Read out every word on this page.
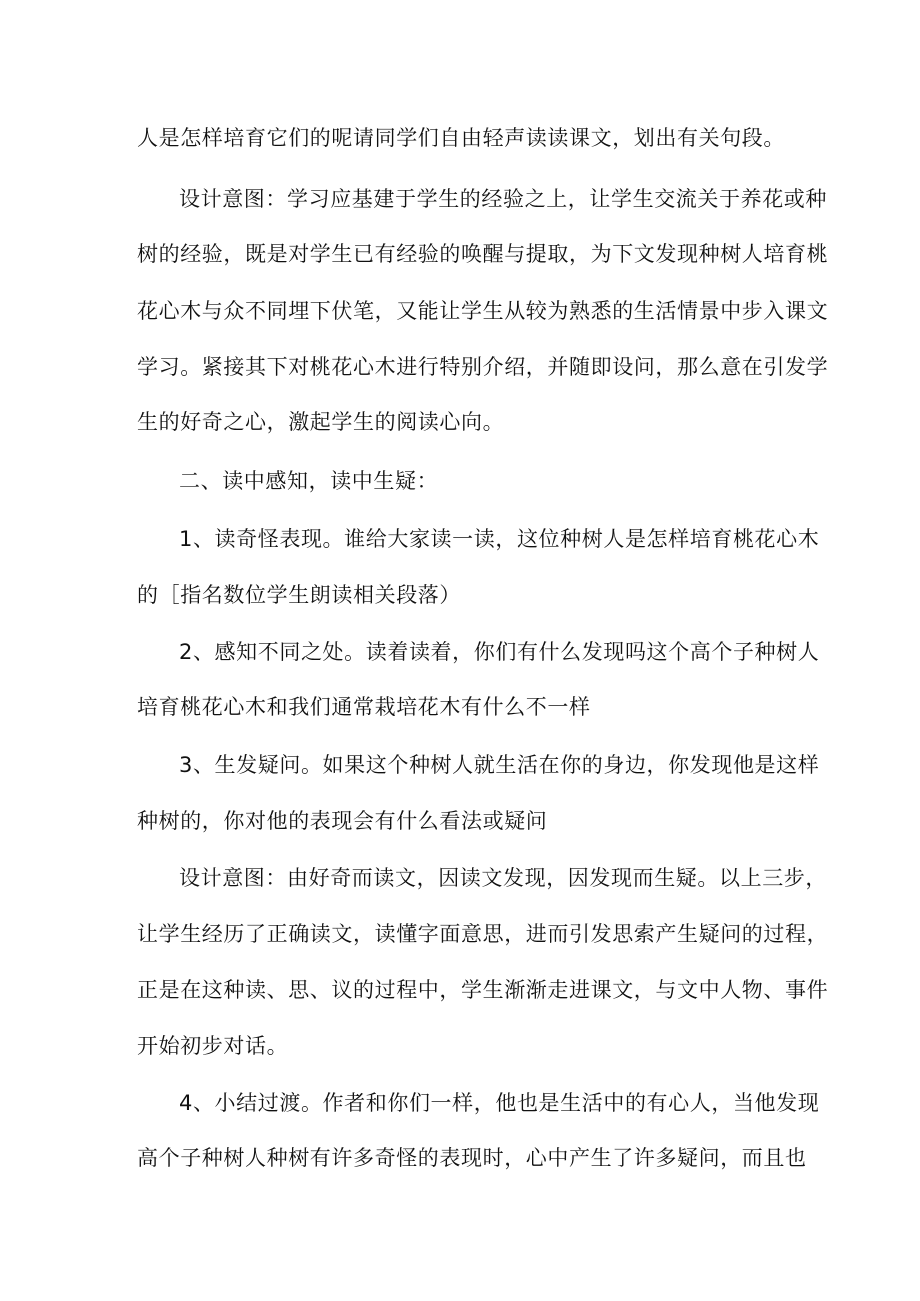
人是怎样培育它们的呢请同学们自由轻声读读课文，划出有关句段。
设计意图：学习应基建于学生的经验之上，让学生交流关于养花或种
树的经验，既是对学生已有经验的唤醒与提取，为下文发现种树人培育桃
花心木与众不同埋下伏笔，又能让学生从较为熟悉的生活情景中步入课文
学习。紧接其下对桃花心木进行特别介绍，并随即设问，那么意在引发学
生的好奇之心，激起学生的阅读心向。
二、读中感知，读中生疑：
1、读奇怪表现。谁给大家读一读，这位种树人是怎样培育桃花心木
的［指名数位学生朗读相关段落）
2、感知不同之处。读着读着，你们有什么发现吗这个高个子种树人
培育桃花心木和我们通常栽培花木有什么不一样
3、生发疑问。如果这个种树人就生活在你的身边，你发现他是这样
种树的，你对他的表现会有什么看法或疑问
设计意图：由好奇而读文，因读文发现，因发现而生疑。以上三步，
让学生经历了正确读文，读懂字面意思，进而引发思索产生疑问的过程，
正是在这种读、思、议的过程中，学生渐渐走进课文，与文中人物、事件
开始初步对话。
4、小结过渡。作者和你们一样，他也是生活中的有心人，当他发现
高个子种树人种树有许多奇怪的表现时，心中产生了许多疑问，而且也
